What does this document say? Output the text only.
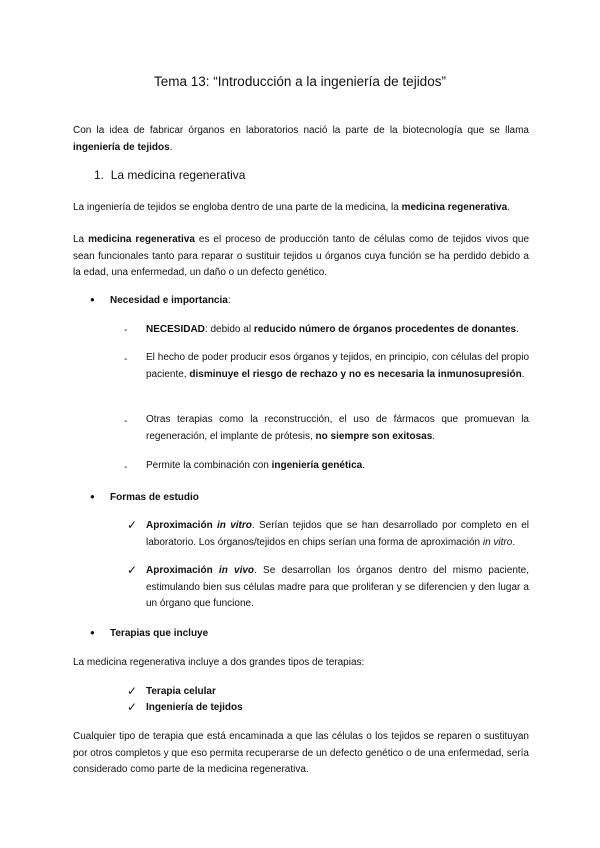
Tema 13: “Introducción a la ingeniería de tejidos”

Con la idea de fabricar órganos en laboratorios nació la parte de la biotecnología que se llama ingeniería de tejidos.

1. La medicina regenerativa

La ingeniería de tejidos se engloba dentro de una parte de la medicina, la medicina regenerativa.

La medicina regenerativa es el proceso de producción tanto de células como de tejidos vivos que sean funcionales tanto para reparar o sustituir tejidos u órganos cuya función se ha perdido debido a la edad, una enfermedad, un daño o un defecto genético.

● Necesidad e importancia:
- NECESIDAD: debido al reducido número de órganos procedentes de donantes.

- El hecho de poder producir esos órganos y tejidos, en principio, con células del propio paciente, disminuye el riesgo de rechazo y no es necesaria la inmunosupresión.

- Otras terapias como la reconstrucción, el uso de fármacos que promuevan la regeneración, el implante de prótesis, no siempre son exitosas.

- Permite la combinación con ingeniería genética.

● Formas de estudio
✓ Aproximación in vitro. Serían tejidos que se han desarrollado por completo en el laboratorio. Los órganos/tejidos en chips serían una forma de aproximación in vitro.

✓ Aproximación in vivo. Se desarrollan los órganos dentro del mismo paciente, estimulando bien sus células madre para que proliferan y se diferencien y den lugar a un órgano que funcione.

● Terapias que incluye

La medicina regenerativa incluye a dos grandes tipos de terapias:

✓ Terapia celular
✓ Ingeniería de tejidos

Cualquier tipo de terapia que está encaminada a que las células o los tejidos se reparen o sustituyan por otros completos y que eso permita recuperarse de un defecto genético o de una enfermedad, sería considerado como parte de la medicina regenerativa.
